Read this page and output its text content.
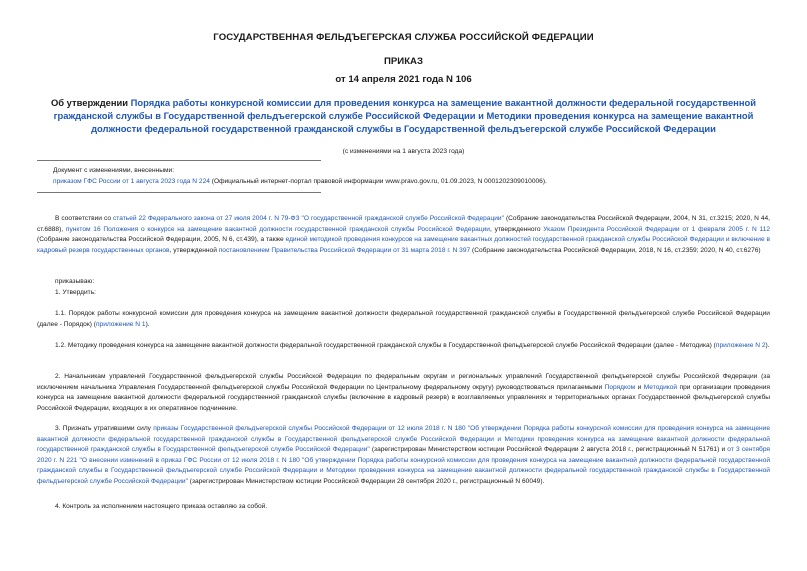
ГОСУДАРСТВЕННАЯ ФЕЛЬДЪЕГЕРСКАЯ СЛУЖБА РОССИЙСКОЙ ФЕДЕРАЦИИ
ПРИКАЗ
от 14 апреля 2021 года N 106
Об утверждении Порядка работы конкурсной комиссии для проведения конкурса на замещение вакантной должности федеральной государственной гражданской службы в Государственной фельдъегерской службе Российской Федерации и Методики проведения конкурса на замещение вакантной должности федеральной государственной гражданской службы в Государственной фельдъегерской службе Российской Федерации
(с изменениями на 1 августа 2023 года)
Документ с изменениями, внесенными:
приказом ГФС России от 1 августа 2023 года N 224 (Официальный интернет-портал правовой информации www.pravo.gov.ru, 01.09.2023, N 0001202309010006).
В соответствии со статьей 22 Федерального закона от 27 июля 2004 г. N 79-ФЗ "О государственной гражданской службе Российской Федерации" (Собрание законодательства Российской Федерации, 2004, N 31, ст.3215; 2020, N 44, ст.6888), пунктом 16 Положения о конкурсе на замещение вакантной должности государственной гражданской службы Российской Федерации, утвержденного Указом Президента Российской Федерации от 1 февраля 2005 г. N 112 (Собрание законодательства Российской Федерации, 2005, N 6, ст.439), а также единой методикой проведения конкурсов на замещение вакантных должностей государственной гражданской службы Российской Федерации и включение в кадровый резерв государственных органов, утвержденной постановлением Правительства Российской Федерации от 31 марта 2018 г. N 397 (Собрание законодательства Российской Федерации, 2018, N 16, ст.2359; 2020, N 40, ст.6276)
приказываю:
1. Утвердить:
1.1. Порядок работы конкурсной комиссии для проведения конкурса на замещение вакантной должности федеральной государственной гражданской службы в Государственной фельдъегерской службе Российской Федерации (далее - Порядок) (приложение N 1).
1.2. Методику проведения конкурса на замещение вакантной должности федеральной государственной гражданской службы в Государственной фельдъегерской службе Российской Федерации (далее - Методика) (приложение N 2).
2. Начальникам управлений Государственной фельдъегерской службы Российской Федерации по федеральным округам и региональных управлений Государственной фельдъегерской службы Российской Федерации (за исключением начальника Управления Государственной фельдъегерской службы Российской Федерации по Центральному федеральному округу) руководствоваться прилагаемыми Порядком и Методикой при организации проведения конкурса на замещение вакантной должности федеральной государственной гражданской службы (включение в кадровый резерв) в возглавляемых управлениях и территориальных органах Государственной фельдъегерской службы Российской Федерации, входящих в их оперативное подчинение.
3. Признать утратившими силу приказы Государственной фельдъегерской службы Российской Федерации от 12 июля 2018 г. N 180 "Об утверждении Порядка работы конкурсной комиссии для проведения конкурса на замещение вакантной должности федеральной государственной гражданской службы в Государственной фельдъегерской службе Российской Федерации и Методики проведения конкурса на замещение вакантной должности федеральной государственной гражданской службы в Государственной фельдъегерской службе Российской Федерации" (зарегистрирован Министерством юстиции Российской Федерации 2 августа 2018 г., регистрационный N 51761) и от 3 сентября 2020 г. N 221 "О внесении изменений в приказ ГФС России от 12 июля 2018 г. N 180 "Об утверждении Порядка работы конкурсной комиссии для проведения конкурса на замещение вакантной должности федеральной государственной гражданской службы в Государственной фельдъегерской службе Российской Федерации и Методики проведения конкурса на замещение вакантной должности федеральной государственной гражданской службы в Государственной фельдъегерской службе Российской Федерации" (зарегистрирован Министерством юстиции Российской Федерации 28 сентября 2020 г., регистрационный N 60049).
4. Контроль за исполнением настоящего приказа оставляю за собой.
